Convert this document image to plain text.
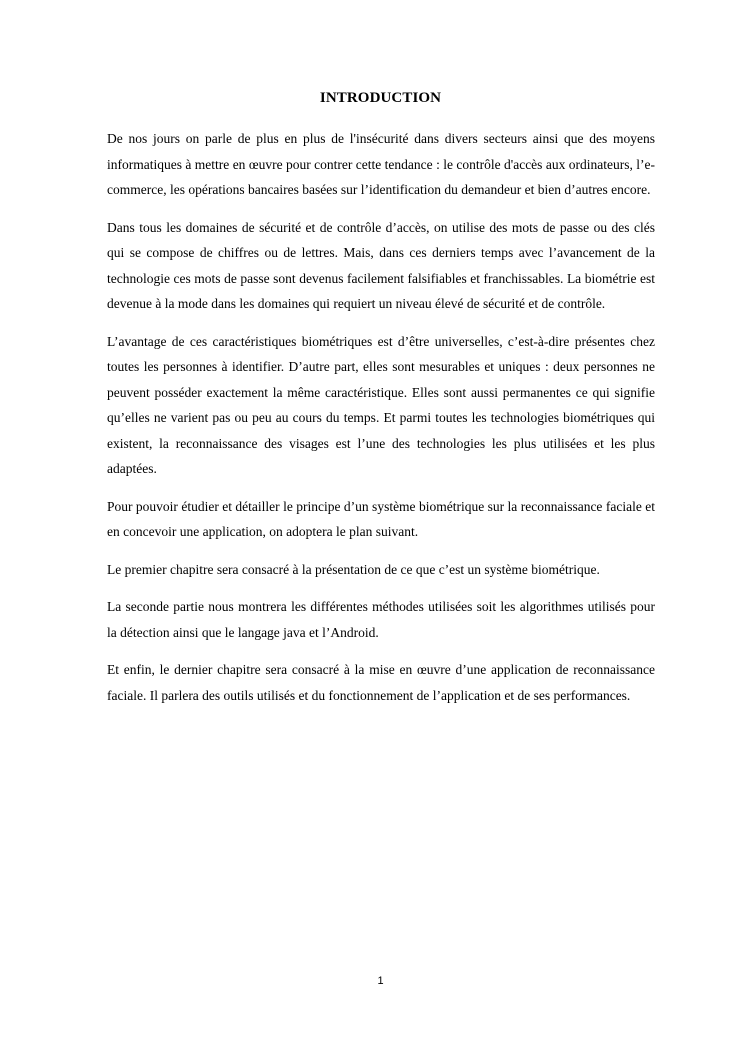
INTRODUCTION

De nos jours on parle de plus en plus de l'insécurité dans divers secteurs ainsi que des moyens informatiques à mettre en œuvre pour contrer cette tendance : le contrôle d'accès aux ordinateurs, l’e-commerce, les opérations bancaires basées sur l’identification du demandeur et bien d’autres encore.

Dans tous les domaines de sécurité et de contrôle d’accès, on utilise des mots de passe ou des clés qui se compose de chiffres ou de lettres. Mais, dans ces derniers temps avec l’avancement de la technologie ces mots de passe sont devenus facilement falsifiables et franchissables. La biométrie est devenue à la mode dans les domaines qui requiert un niveau élevé de sécurité et de contrôle.

L’avantage de ces caractéristiques biométriques est d’être universelles, c’est-à-dire présentes chez toutes les personnes à identifier. D’autre part, elles sont mesurables et uniques : deux personnes ne peuvent posséder exactement la même caractéristique. Elles sont aussi permanentes ce qui signifie qu’elles ne varient pas ou peu au cours du temps. Et parmi toutes les technologies biométriques qui existent, la reconnaissance des visages est l’une des technologies les plus utilisées et les plus adaptées.

Pour pouvoir étudier et détailler le principe d’un système biométrique sur la reconnaissance faciale et en concevoir une application, on adoptera le plan suivant.

Le premier chapitre sera consacré à la présentation de ce que c’est un système biométrique.

La seconde partie nous montrera les différentes méthodes utilisées soit les algorithmes utilisés pour la détection ainsi que le langage java et l’Android.

Et enfin, le dernier chapitre sera consacré à la mise en œuvre d’une application de reconnaissance faciale. Il parlera des outils utilisés et du fonctionnement de l’application et de ses performances.

1
